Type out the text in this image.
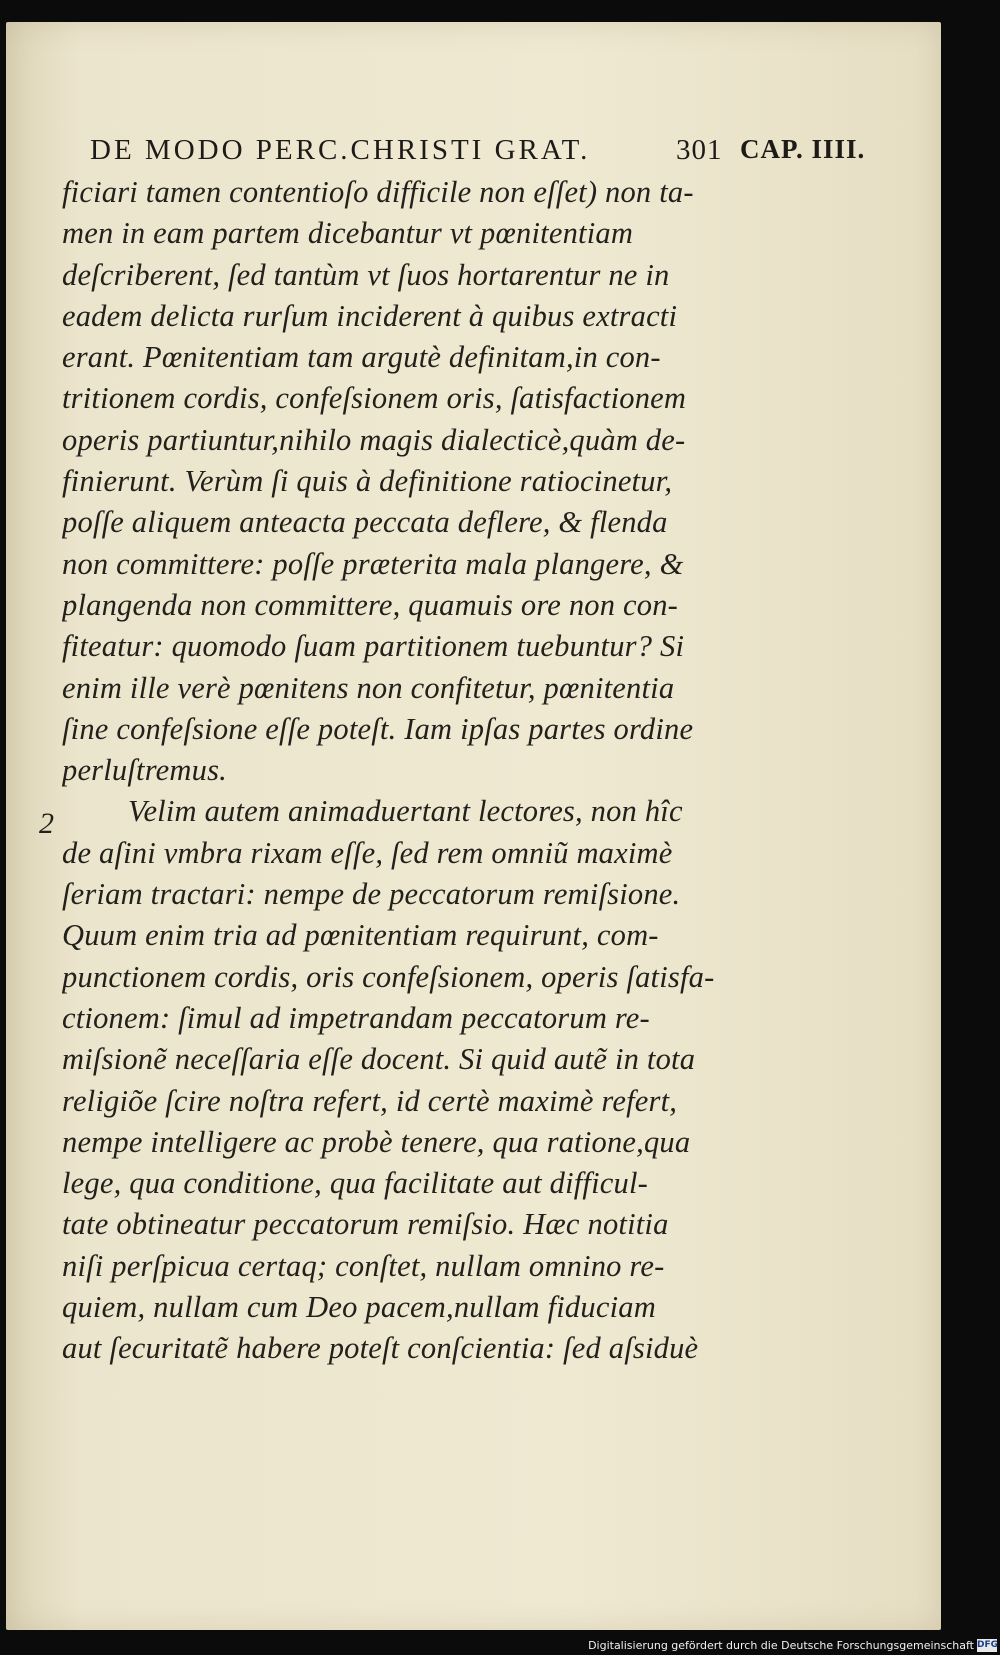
DE MODO PERC.CHRISTI GRAT.	301 CAP. IIII.
2
ficiari tamen contentioſo difficile non eſſet) non ta-
men in eam partem dicebantur vt pœnitentiam
deſcriberent, ſed tantùm vt ſuos hortarentur ne in
eadem delicta rurſum inciderent à quibus extracti
erant. Pœnitentiam tam argutè definitam,in con-
tritionem cordis, confeſsionem oris, ſatisfactionem
operis partiuntur,nihilo magis dialecticè,quàm de-
finierunt. Verùm ſi quis à definitione ratiocinetur,
poſſe aliquem anteacta peccata deflere, & flenda
non committere: poſſe præterita mala plangere, &
plangenda non committere, quamuis ore non con-
fiteatur: quomodo ſuam partitionem tuebuntur? Si
enim ille verè pœnitens non confitetur, pœnitentia
ſine confeſsione eſſe poteſt. Iam ipſas partes ordine
perluſtremus.
Velim autem animaduertant lectores, non hîc
de aſini vmbra rixam eſſe, ſed rem omniũ maximè
ſeriam tractari: nempe de peccatorum remiſsione.
Quum enim tria ad pœnitentiam requirunt, com-
punctionem cordis, oris confeſsionem, operis ſatisfa-
ctionem: ſimul ad impetrandam peccatorum re-
miſsionẽ neceſſaria eſſe docent. Si quid autẽ in tota
religiõe ſcire noſtra refert, id certè maximè refert,
nempe intelligere ac probè tenere, qua ratione,qua
lege, qua conditione, qua facilitate aut difficul-
tate obtineatur peccatorum remiſsio. Hæc notitia
niſi perſpicua certaq; conſtet, nullam omnino re-
quiem, nullam cum Deo pacem,nullam fiduciam
aut ſecuritatẽ habere poteſt conſcientia: ſed aſsiduè
Digitalisierung gefördert durch die Deutsche Forschungsgemeinschaft DFG
